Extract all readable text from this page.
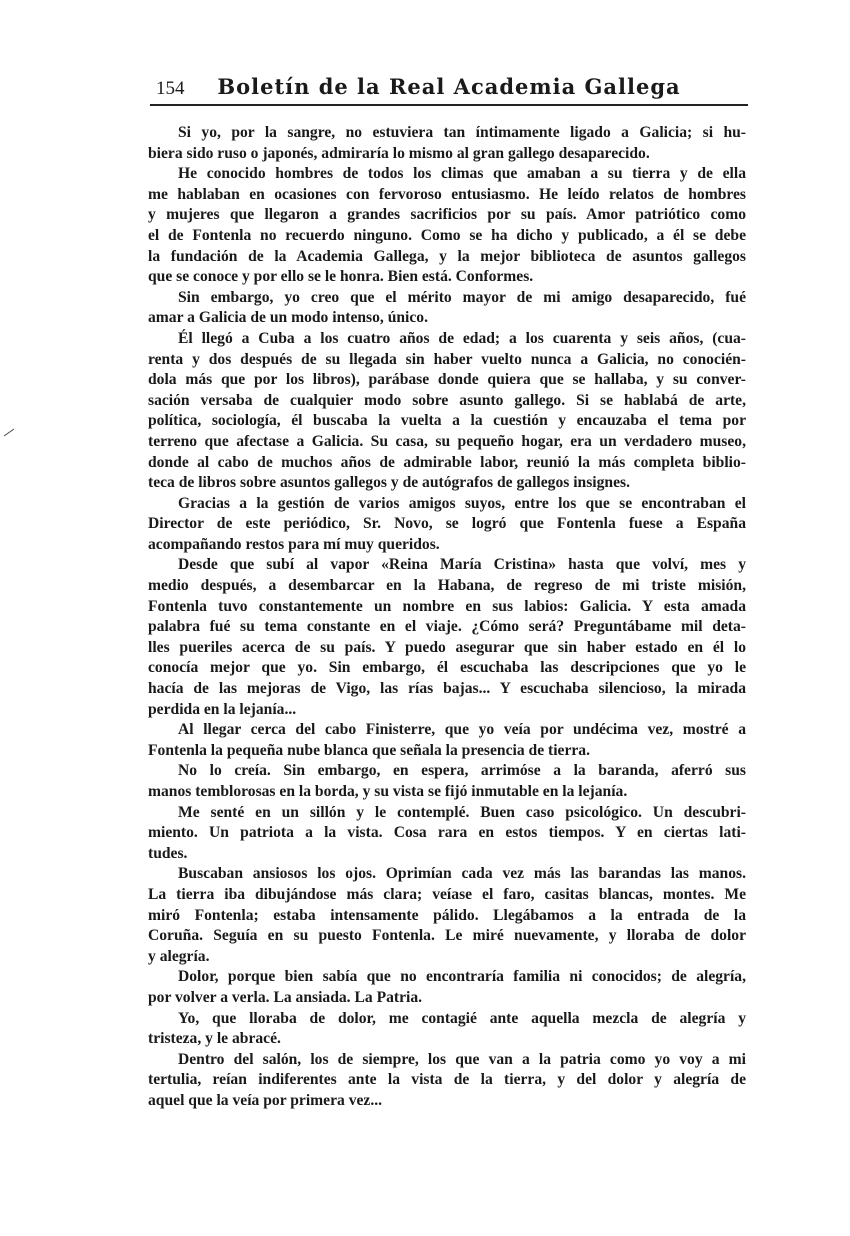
154	Boletín de la Real Academia Gallega
Si yo, por la sangre, no estuviera tan íntimamente ligado a Galicia; si hu-
biera sido ruso o japonés, admiraría lo mismo al gran gallego desaparecido.
He conocido hombres de todos los climas que amaban a su tierra y de ella
me hablaban en ocasiones con fervoroso entusiasmo. He leído relatos de hombres
y mujeres que llegaron a grandes sacrificios por su país. Amor patriótico como
el de Fontenla no recuerdo ninguno. Como se ha dicho y publicado, a él se debe
la fundación de la Academia Gallega, y la mejor biblioteca de asuntos gallegos
que se conoce y por ello se le honra. Bien está. Conformes.
Sin embargo, yo creo que el mérito mayor de mi amigo desaparecido, fué
amar a Galicia de un modo intenso, único.
Él llegó a Cuba a los cuatro años de edad; a los cuarenta y seis años, (cua-
renta y dos después de su llegada sin haber vuelto nunca a Galicia, no conocién-
dola más que por los libros), parábase donde quiera que se hallaba, y su conver-
sación versaba de cualquier modo sobre asunto gallego. Si se hablabá de arte,
política, sociología, él buscaba la vuelta a la cuestión y encauzaba el tema por
terreno que afectase a Galicia. Su casa, su pequeño hogar, era un verdadero museo,
donde al cabo de muchos años de admirable labor, reunió la más completa biblio-
teca de libros sobre asuntos gallegos y de autógrafos de gallegos insignes.
Gracias a la gestión de varios amigos suyos, entre los que se encontraban el
Director de este periódico, Sr. Novo, se logró que Fontenla fuese a España
acompañando restos para mí muy queridos.
Desde que subí al vapor «Reina María Cristina» hasta que volví, mes y
medio después, a desembarcar en la Habana, de regreso de mi triste misión,
Fontenla tuvo constantemente un nombre en sus labios: Galicia. Y esta amada
palabra fué su tema constante en el viaje. ¿Cómo será? Preguntábame mil deta-
lles pueriles acerca de su país. Y puedo asegurar que sin haber estado en él lo
conocía mejor que yo. Sin embargo, él escuchaba las descripciones que yo le
hacía de las mejoras de Vigo, las rías bajas... Y escuchaba silencioso, la mirada
perdida en la lejanía...
Al llegar cerca del cabo Finisterre, que yo veía por undécima vez, mostré a
Fontenla la pequeña nube blanca que señala la presencia de tierra.
No lo creía. Sin embargo, en espera, arrimóse a la baranda, aferró sus
manos temblorosas en la borda, y su vista se fijó inmutable en la lejanía.
Me senté en un sillón y le contemplé. Buen caso psicológico. Un descubri-
miento. Un patriota a la vista. Cosa rara en estos tiempos. Y en ciertas lati-
tudes.
Buscaban ansiosos los ojos. Oprimían cada vez más las barandas las manos.
La tierra iba dibujándose más clara; veíase el faro, casitas blancas, montes. Me
miró Fontenla; estaba intensamente pálido. Llegábamos a la entrada de la
Coruña. Seguía en su puesto Fontenla. Le miré nuevamente, y lloraba de dolor
y alegría.
Dolor, porque bien sabía que no encontraría familia ni conocidos; de alegría,
por volver a verla. La ansiada. La Patria.
Yo, que lloraba de dolor, me contagié ante aquella mezcla de alegría y
tristeza, y le abracé.
Dentro del salón, los de siempre, los que van a la patria como yo voy a mi
tertulia, reían indiferentes ante la vista de la tierra, y del dolor y alegría de
aquel que la veía por primera vez...
